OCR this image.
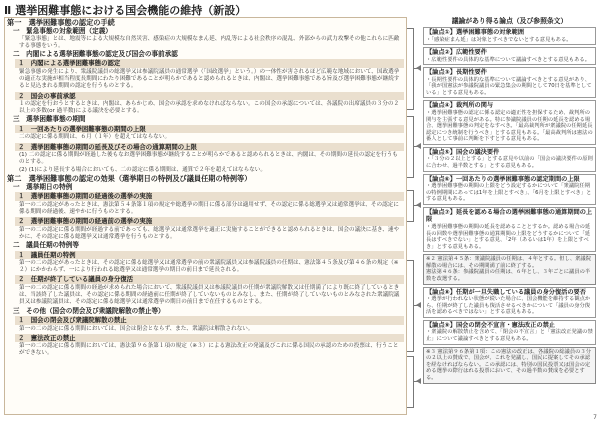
Ⅱ 選挙困難事態における国会機能の維持（新設）
第一　選挙困難事態の認定の手続
一　緊急事態の対象範囲（定義）
「緊急事態」とは、地震等による大規模な自然災害、感染症の大規模なまん延、内乱等による社会秩序の混乱、外部からの武力攻撃その他これらに匹敵する事態をいう。
二　内閣による選挙困難事態の認定及び国会の事前承認
１　内閣による選挙困難事態の認定
緊急事態の発生により、衆議院議員の総選挙又は参議院議員の通常選挙（「国政選挙」という。）の一体性が害されるほど広範な地域において、国政選挙の適正な実施が相当程度長期間にわたり困難であることが明らかであると認められるときは、内閣は、選挙困難事態である旨及び選挙困難事態が継続すると見込まれる期間の認定を行うものとする。
２　国会の事前承認
１の認定を行おうとするときは、内閣は、あらかじめ、国会の承認を求めなければならない。この国会の承認については、各議院の出席議員の３分の２以上の多数(or 過半数)による議決を必要とする。
三　選挙困難事態の期間
１　一回あたりの選挙困難事態の期間の上限
二の認定に係る期間は、６月（１年）を超えてはならない。
２　選挙困難事態の期間の延長及びその場合の通算期間の上限
(1) 二の認定に係る期間が経過した後もなお選挙困難事態が継続することが明らかであると認められるときは、内閣は、その期間の延長の認定を行うものとする。
(2) (1)により延長する場合においても、二の認定に係る期間は、通算で２年を超えてはならない。
第二　選挙困難事態の認定の効果（選挙期日の特例及び議員任期の特例等）
一　選挙期日の特例
１　選挙困難事態の期間の経過後の選挙の実施
第一の二の認定があったときは、憲法第５４条第１項の規定や総選挙の期日に係る部分は適用せず、その認定に係る総選挙又は通常選挙は、その認定に係る期間の経過後、速やかに行うものとする。
２　選挙困難事態の期間の経過前の選挙の実施
第一の二の認定に係る期間が経過する前であっても、総選挙又は通常選挙を適正に実施することができると認められるときは、国会の議決に基き、速やかに、その認定に係る総選挙又は通常選挙を行うものとする。
二　議員任期の特例等
１　議員任期の特例
第一の二の認定があったときは、その認定に係る総選挙又は通常選挙の前の衆議院議員又は参議院議員の任期は、憲法第４５条及び第４６条の規定（※２）にかかわらず、一により行われる総選挙又は通常選挙の期日の前日まで延長される。
２　任期が終了している議員の身分復活
第一の二の認定に係る期間の経過が求められた場合において、衆議院議員又は参議院議員の任期が衆議院解散又は任期満了により既に終了しているときは、当該終了した議員は、その認定に係る期間の経過前に任期が終了していないものとみなし、また、任期が終了していないものとみなされた衆議院議員又は参議院議員は、その認定に係る総選挙又は通常選挙の期日の前日まで在任するものとする。
三　その他（国会の閉会及び衆議院解散の禁止等）
１　国会の閉会及び衆議院解散の禁止
第一の二の認定に係る期間においては、国会は閉会とならず、また、衆議院は解散されない。
２　憲法改正の禁止
第一の二の認定に係る期間においては、憲法第９６条第１項の規定（※３）による憲法改正の発議及びこれに係る国民の承認のための投票は、行うことができない。
議論があり得る論点（及び参照条文）
【論点①】選挙困難事態の対象範囲
・「感染症まん延」は対象とすべきでないとする意見もある。
【論点②】広範性要件
・広範性要件の具体的な基準について議論すべきとする意見もある。
【論点③】長期性要件
・長期性要件の具体的な基準について議論すべきとする意見があり、「我が国憲法が参議院議員の緊急集会の期間として70日を基準としている」とする意見もある。
【論点④】裁判所の関与
・選挙困難事態の認定に係る認定の適正性を担保するため、裁判所の関与を主張する意見がある。特に参議院議員の任期の延長を認める場合、選挙困難事態の判定をなすべき。「最高裁判所が衆議院の任期延長認定につき統制を行うべき」とする意見もある。「最高裁判所は憲法の番人として事前に判断を下すとする意見もある。
【論点⑤】国会の議決要件
・「３分の２以上とする」とする意見や以前の「国会の議決要件の原則に合わせ、過半数とする」とする意見もある。
【論点⑥】一回あたりの選挙困難事態の認定期間の上限
・選挙困難事態の期間の上限をどう設定するかについて「衆議院任期の特例期間にあっては1年を上限とすべき」、「6月を上限とすべき」とする意見もある。
【論点⑦】延長を認める場合の選挙困難事態の通算期間の上限
・選挙困難事態の期間の延長を認めることとするか。認める場合の延長の回数や選挙困難事態の通算期間の上限をどうするかについて「延長はすべきでない」とする意見、「2年（あるいは1年）を上限とすべき」とする意見もある。
※２ 憲法第４５条：衆議院議員の任期は、４年とする。但し、衆議院解散の場合には、その期間満了前に終了する。
憲法第４６条：参議院議員の任期は、６年とし、３年ごとに議員の半数を改選する。
【論点⑧】任期が一旦失職している議員の身分復活の要否
・選挙が行われない状態が続いた場合に、国会機能を維持する観点から、任期が終了した議員も復活させるべきかについて「議員の身分復活を認めるべきではない」とする意見もある。
【論点⑨】国会の閉会不宣言・憲法改正の禁止
・衆議院の解散禁止を含めて、「閉会の不宣言」と「憲法改正発議の禁止」について議論すべきとする意見もある。
※３ 憲法第９６条第１項：この憲法の改正は、各議院の総議員の３分の２以上の賛成で、国会が、これを発議し、国民に提案してその承認を経なければならない。この承認には、特別の国民投票又は国会の定める選挙の際行はれる投票において、その過半数の賛成を必要とする。
7
